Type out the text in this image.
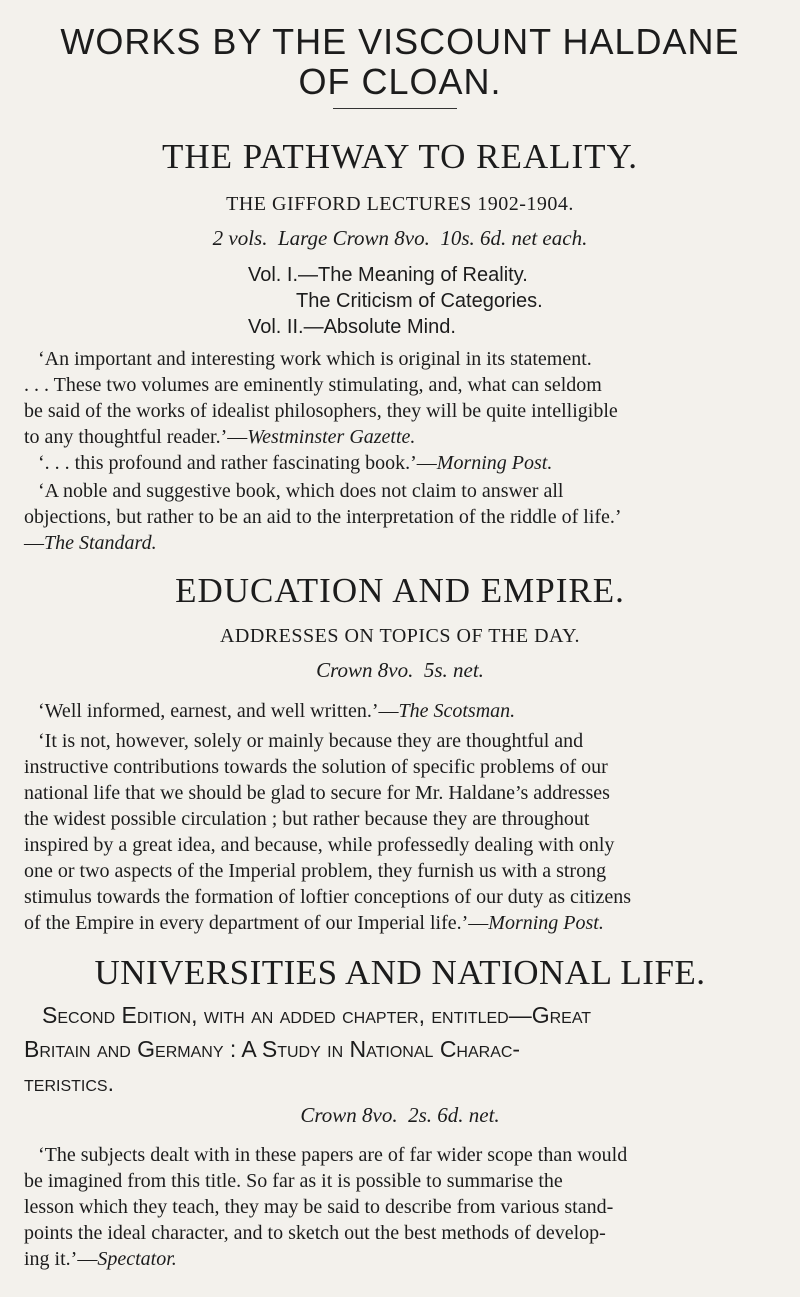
WORKS BY THE VISCOUNT HALDANE
OF CLOAN.
THE PATHWAY TO REALITY.
THE GIFFORD LECTURES 1902-1904.
2 vols.  Large Crown 8vo.  10s. 6d. net each.
Vol. I.—The Meaning of Reality.
The Criticism of Categories.
Vol. II.—Absolute Mind.
‘An important and interesting work which is original in its statement.
. . . These two volumes are eminently stimulating, and, what can seldom
be said of the works of idealist philosophers, they will be quite intelligible
to any thoughtful reader.’—Westminster Gazette.
‘. . . this profound and rather fascinating book.’—Morning Post.
‘A noble and suggestive book, which does not claim to answer all
objections, but rather to be an aid to the interpretation of the riddle of life.’
—The Standard.
EDUCATION AND EMPIRE.
ADDRESSES ON TOPICS OF THE DAY.
Crown 8vo.  5s. net.
‘Well informed, earnest, and well written.’—The Scotsman.
‘It is not, however, solely or mainly because they are thoughtful and
instructive contributions towards the solution of specific problems of our
national life that we should be glad to secure for Mr. Haldane’s addresses
the widest possible circulation ; but rather because they are throughout
inspired by a great idea, and because, while professedly dealing with only
one or two aspects of the Imperial problem, they furnish us with a strong
stimulus towards the formation of loftier conceptions of our duty as citizens
of the Empire in every department of our Imperial life.’—Morning Post.
UNIVERSITIES AND NATIONAL LIFE.
Second Edition, with an added chapter, entitled—Great
Britain and Germany : A Study in National Charac-
teristics.
Crown 8vo.  2s. 6d. net.
‘The subjects dealt with in these papers are of far wider scope than would
be imagined from this title. So far as it is possible to summarise the
lesson which they teach, they may be said to describe from various stand-
points the ideal character, and to sketch out the best methods of develop-
ing it.’—Spectator.
